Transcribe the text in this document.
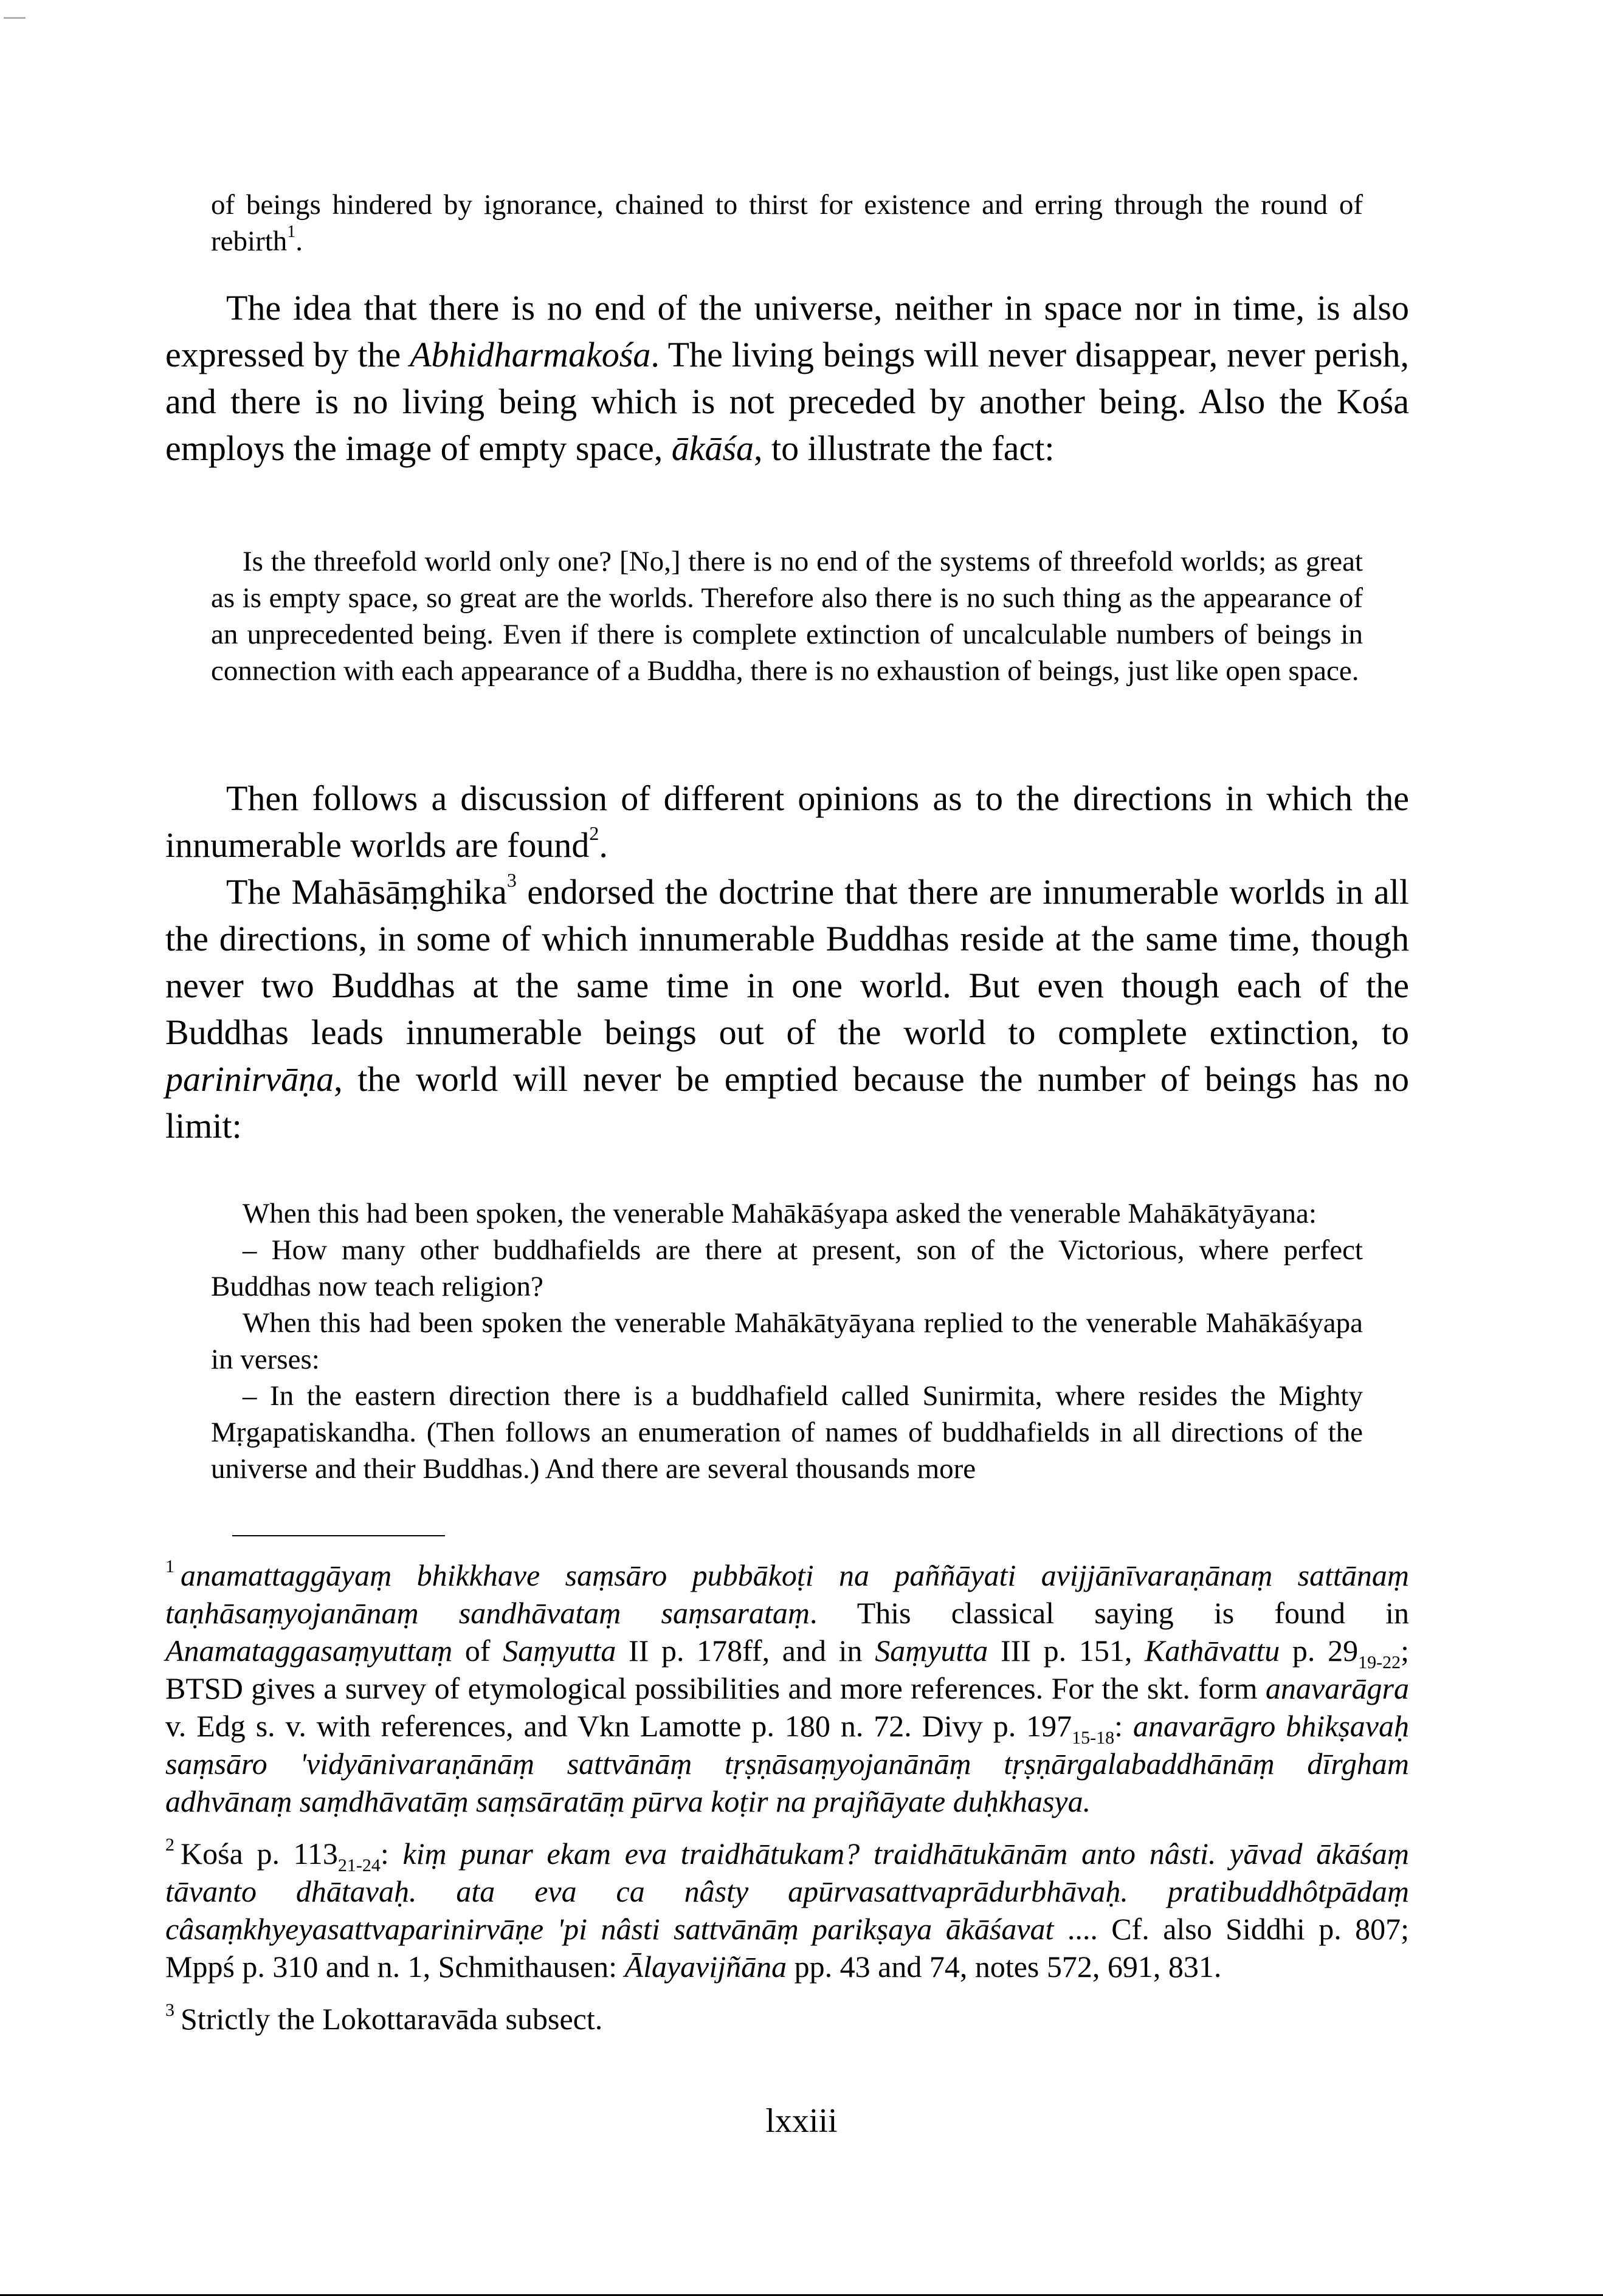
of beings hindered by ignorance, chained to thirst for existence and erring through the round of rebirth$^1$.

The idea that there is no end of the universe, neither in space nor in time, is also expressed by the Abhidharmakośa. The living beings will never disappear, never perish, and there is no living being which is not preceded by another being. Also the Kośa employs the image of empty space, ākāśa, to illustrate the fact:

Is the threefold world only one? [No,] there is no end of the systems of threefold worlds; as great as is empty space, so great are the worlds. Therefore also there is no such thing as the appearance of an unprecedented being. Even if there is complete extinction of uncalculable numbers of beings in connection with each appearance of a Buddha, there is no exhaustion of beings, just like open space.

Then follows a discussion of different opinions as to the directions in which the innumerable worlds are found$^2$.

The Mahāsāṃghika$^3$ endorsed the doctrine that there are innumerable worlds in all the directions, in some of which innumerable Buddhas reside at the same time, though never two Buddhas at the same time in one world. But even though each of the Buddhas leads innumerable beings out of the world to complete extinction, to parinirvāṇa, the world will never be emptied because the number of beings has no limit:

When this had been spoken, the venerable Mahākāśyapa asked the venerable Mahākātyāyana:

– How many other buddhafields are there at present, son of the Victorious, where perfect Buddhas now teach religion?

When this had been spoken the venerable Mahākātyāyana replied to the venerable Mahākāśyapa in verses:

– In the eastern direction there is a buddhafield called Sunirmita, where resides the Mighty Mṛgapatiskandha. (Then follows an enumeration of names of buddhafields in all directions of the universe and their Buddhas.) And there are several thousands more

$^1$ anamattaggāyaṃ bhikkhave saṃsāro pubbākoṭi na paññāyati avijjānīvaraṇānaṃ sattānaṃ taṇhāsaṃyojanānaṃ sandhāvataṃ saṃsarataṃ. This classical saying is found in Anamataggasaṃyuttaṃ of Saṃyutta II p. 178ff, and in Saṃyutta III p. 151, Kathāvattu p. $29_{19-22}$; BTSD gives a survey of etymological possibilities and more references. For the skt. form anavarāgra v. Edg s. v. with references, and Vkn Lamotte p. 180 n. 72. Divy p. $197_{15-18}$: anavarāgro bhikṣavaḥ saṃsāro 'vidyānivaraṇānāṃ sattvānāṃ tṛṣṇāsaṃyojanānāṃ tṛṣṇārgalabaddhānāṃ dīrgham adhvānaṃ saṃdhāvatāṃ saṃsāratāṃ pūrva koṭir na prajñāyate duḥkhasya.

$^2$ Kośa p. $113_{21-24}$: kiṃ punar ekam eva traidhātukam? traidhātukānām anto nâsti. yāvad ākāśaṃ tāvanto dhātavaḥ. ata eva ca nâsty apūrvasattvaprādurbhāvaḥ. pratibuddhôtpādaṃ câsaṃkhyeyasattvaparinirvāṇe 'pi nâsti sattvānāṃ parikṣaya ākāśavat .... Cf. also Siddhi p. 807; Mppś p. 310 and n. 1, Schmithausen: Ālayavijñāna pp. 43 and 74, notes 572, 691, 831.

$^3$ Strictly the Lokottaravāda subsect.

lxxiii
